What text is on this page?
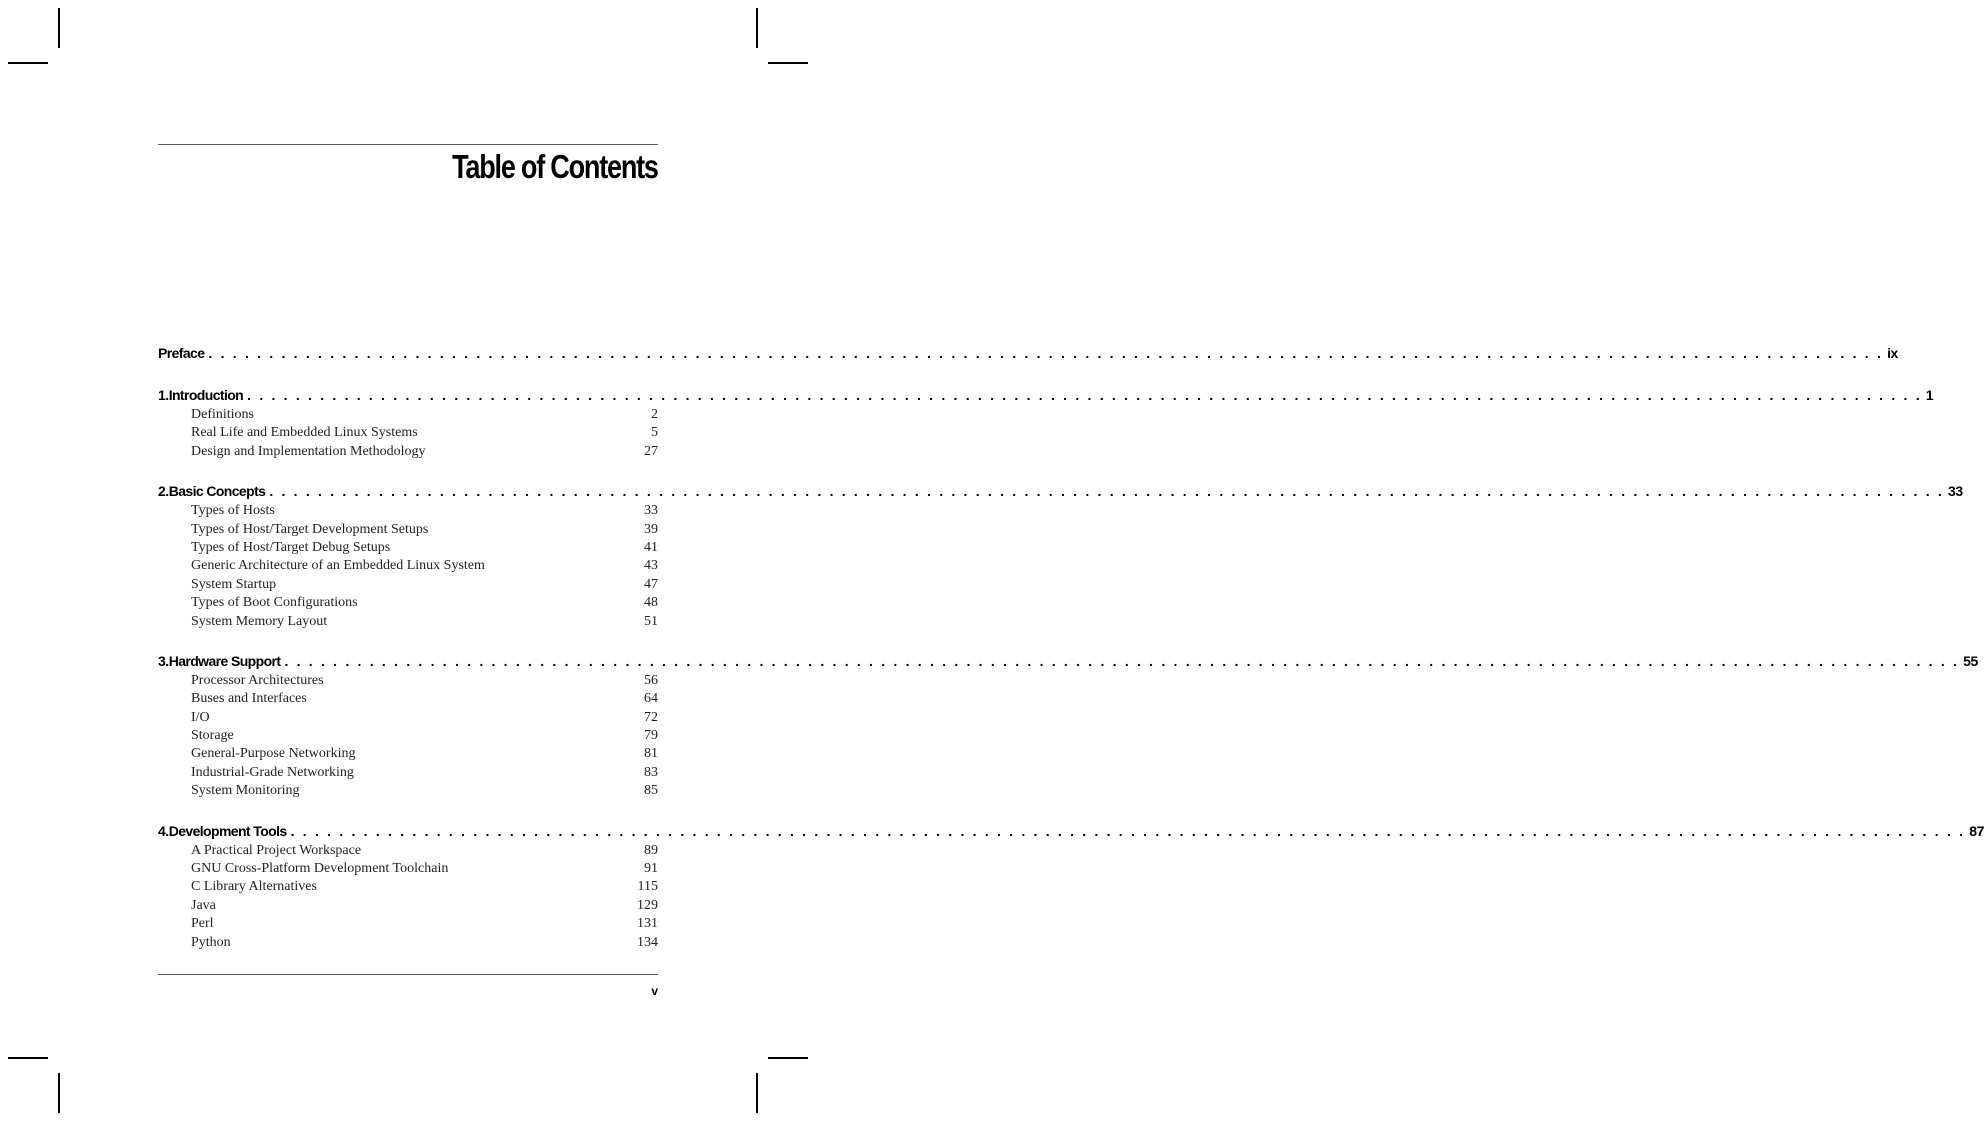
Table of Contents
Preface . . .	ix
1. Introduction . . .	1
Definitions	2
Real Life and Embedded Linux Systems	5
Design and Implementation Methodology	27
2. Basic Concepts . . .	33
Types of Hosts	33
Types of Host/Target Development Setups	39
Types of Host/Target Debug Setups	41
Generic Architecture of an Embedded Linux System	43
System Startup	47
Types of Boot Configurations	48
System Memory Layout	51
3. Hardware Support . . .	55
Processor Architectures	56
Buses and Interfaces	64
I/O	72
Storage	79
General-Purpose Networking	81
Industrial-Grade Networking	83
System Monitoring	85
4. Development Tools . . .	87
A Practical Project Workspace	89
GNU Cross-Platform Development Toolchain	91
C Library Alternatives	115
Java	129
Perl	131
Python	134
v
